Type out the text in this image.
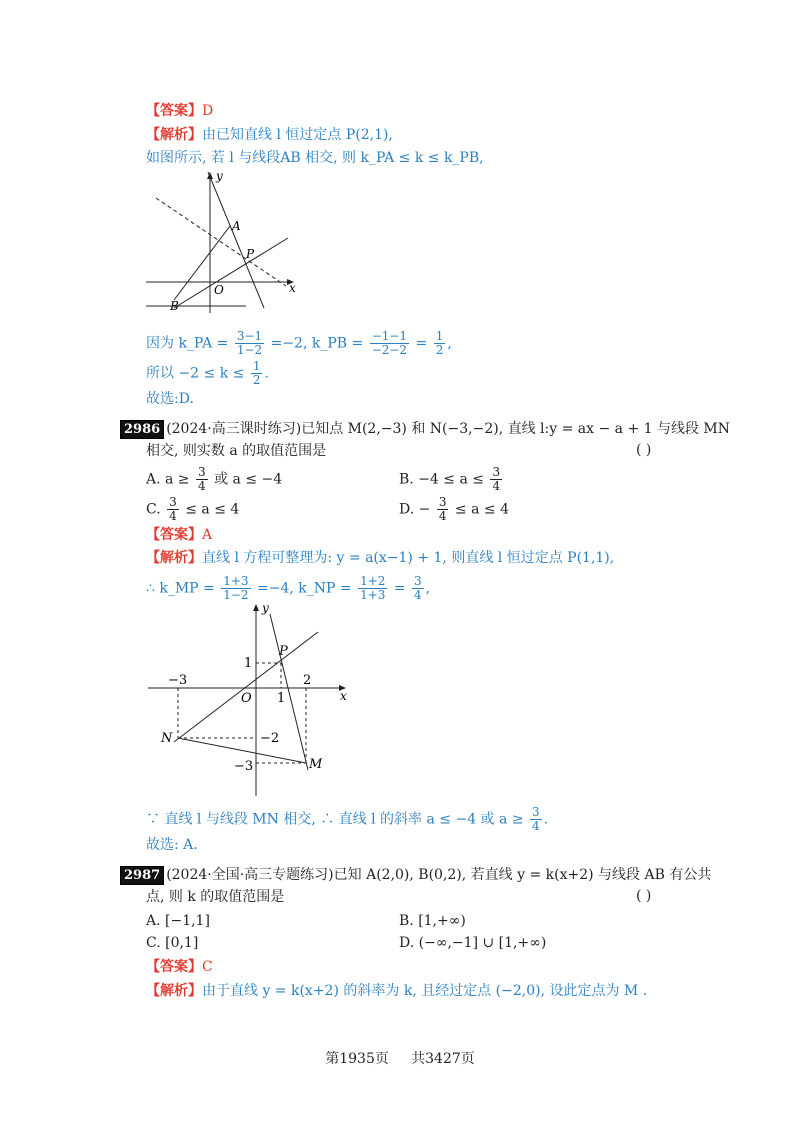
【答案】D
【解析】由已知直线 l 恒过定点 P(2,1),
如图所示, 若 l 与线段AB 相交, 则 k_PA ≤ k ≤ k_PB,
y
x
A
P
O
B
因为 k_PA = $\frac{3-1}{1-2} =-2$, k_PB = $\frac{-1-1}{-2-2} = \frac{1}{2}$ ,
所以 $-2 \le k \le \frac{1}{2}$ .
故选:D.
2986 (2024·高三课时练习)已知点 M(2,−3) 和 N(−3,−2), 直线 l:y = ax − a + 1 与线段 MN
相交, 则实数 a 的取值范围是	( )
A. $a \ge \frac{3}{4}$ 或 a ≤ −4	B. $-4 \le a \le \frac{3}{4}$
C. $\frac{3}{4} \le a \le 4$	D. − $\frac{3}{4} \le a \le 4$
【答案】A
【解析】直线 l 方程可整理为: y = a(x−1) + 1, 则直线 l 恒过定点 P(1,1),
∴ k_MP = $\frac{1+3}{1-2} =-4$, k_NP = $\frac{1+2}{1+3} = \frac{3}{4}$ ,
y
x
P
1
−3
O 1
2
N	−2
−3	M
∵ 直线 l 与线段 MN 相交, ∴ 直线 l 的斜率 a ≤ −4 或 $a \ge \frac{3}{4}$ .
故选: A.
2987 (2024·全国·高三专题练习)已知 A(2,0), B(0,2), 若直线 y = k(x+2) 与线段 AB 有公共
点, 则 k 的取值范围是	( )
A. [−1,1]	B. [1,+∞)
C. [0,1]	D. (−∞,−1] ∪ [1,+∞)
【答案】C
【解析】由于直线 y = k(x+2) 的斜率为 k, 且经过定点 (−2,0), 设此定点为 M .
第1935页 共3427页
